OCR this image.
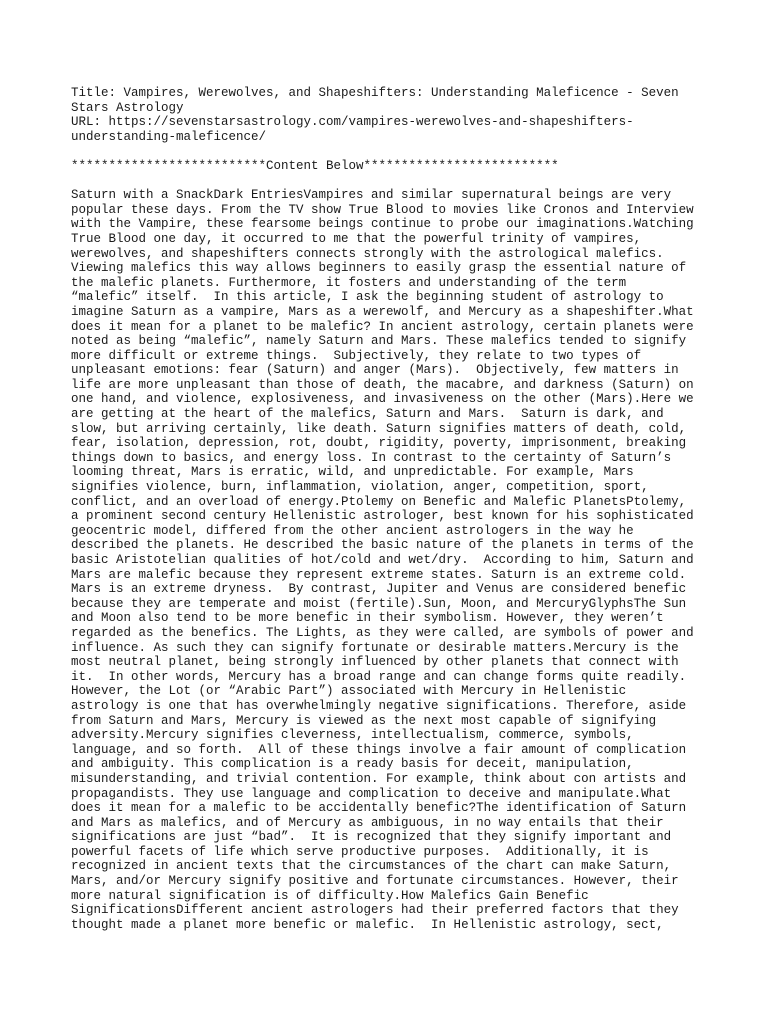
Title: Vampires, Werewolves, and Shapeshifters: Understanding Maleficence - Seven
Stars Astrology
URL: https://sevenstarsastrology.com/vampires-werewolves-and-shapeshifters-
understanding-maleficence/
**************************Content Below**************************
Saturn with a SnackDark EntriesVampires and similar supernatural beings are very
popular these days. From the TV show True Blood to movies like Cronos and Interview
with the Vampire, these fearsome beings continue to probe our imaginations.Watching
True Blood one day, it occurred to me that the powerful trinity of vampires,
werewolves, and shapeshifters connects strongly with the astrological malefics.
Viewing malefics this way allows beginners to easily grasp the essential nature of
the malefic planets. Furthermore, it fosters and understanding of the term
“malefic” itself.  In this article, I ask the beginning student of astrology to
imagine Saturn as a vampire, Mars as a werewolf, and Mercury as a shapeshifter.What
does it mean for a planet to be malefic? In ancient astrology, certain planets were
noted as being “malefic”, namely Saturn and Mars. These malefics tended to signify
more difficult or extreme things.  Subjectively, they relate to two types of
unpleasant emotions: fear (Saturn) and anger (Mars).  Objectively, few matters in
life are more unpleasant than those of death, the macabre, and darkness (Saturn) on
one hand, and violence, explosiveness, and invasiveness on the other (Mars).Here we
are getting at the heart of the malefics, Saturn and Mars.  Saturn is dark, and
slow, but arriving certainly, like death. Saturn signifies matters of death, cold,
fear, isolation, depression, rot, doubt, rigidity, poverty, imprisonment, breaking
things down to basics, and energy loss. In contrast to the certainty of Saturn’s
looming threat, Mars is erratic, wild, and unpredictable. For example, Mars
signifies violence, burn, inflammation, violation, anger, competition, sport,
conflict, and an overload of energy.Ptolemy on Benefic and Malefic PlanetsPtolemy,
a prominent second century Hellenistic astrologer, best known for his sophisticated
geocentric model, differed from the other ancient astrologers in the way he
described the planets. He described the basic nature of the planets in terms of the
basic Aristotelian qualities of hot/cold and wet/dry.  According to him, Saturn and
Mars are malefic because they represent extreme states. Saturn is an extreme cold.
Mars is an extreme dryness.  By contrast, Jupiter and Venus are considered benefic
because they are temperate and moist (fertile).Sun, Moon, and MercuryGlyphsThe Sun
and Moon also tend to be more benefic in their symbolism. However, they weren’t
regarded as the benefics. The Lights, as they were called, are symbols of power and
influence. As such they can signify fortunate or desirable matters.Mercury is the
most neutral planet, being strongly influenced by other planets that connect with
it.  In other words, Mercury has a broad range and can change forms quite readily.
However, the Lot (or “Arabic Part”) associated with Mercury in Hellenistic
astrology is one that has overwhelmingly negative significations. Therefore, aside
from Saturn and Mars, Mercury is viewed as the next most capable of signifying
adversity.Mercury signifies cleverness, intellectualism, commerce, symbols,
language, and so forth.  All of these things involve a fair amount of complication
and ambiguity. This complication is a ready basis for deceit, manipulation,
misunderstanding, and trivial contention. For example, think about con artists and
propagandists. They use language and complication to deceive and manipulate.What
does it mean for a malefic to be accidentally benefic?The identification of Saturn
and Mars as malefics, and of Mercury as ambiguous, in no way entails that their
significations are just “bad”.  It is recognized that they signify important and
powerful facets of life which serve productive purposes.  Additionally, it is
recognized in ancient texts that the circumstances of the chart can make Saturn,
Mars, and/or Mercury signify positive and fortunate circumstances. However, their
more natural signification is of difficulty.How Malefics Gain Benefic
SignificationsDifferent ancient astrologers had their preferred factors that they
thought made a planet more benefic or malefic.  In Hellenistic astrology, sect,
